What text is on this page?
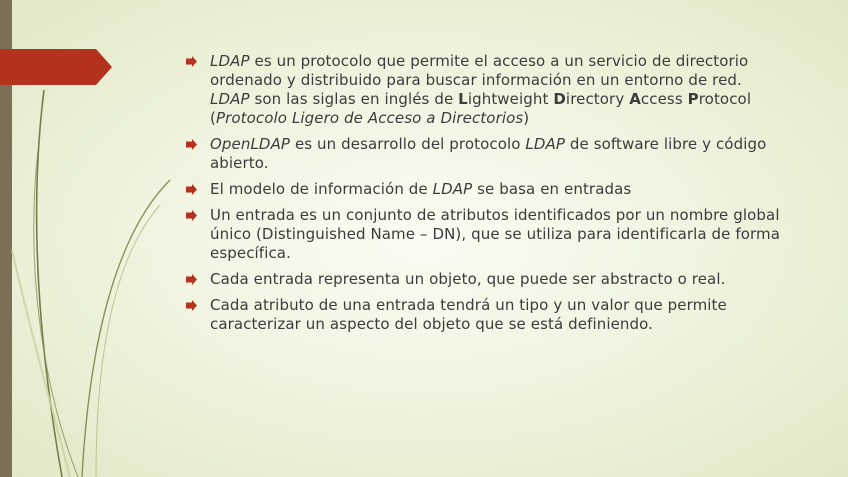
LDAP es un protocolo que permite el acceso a un servicio de directorio ordenado y distribuido para buscar información en un entorno de red.
LDAP son las siglas en inglés de Lightweight Directory Access Protocol (Protocolo Ligero de Acceso a Directorios)
OpenLDAP es un desarrollo del protocolo LDAP de software libre y código abierto.
El modelo de información de LDAP se basa en entradas
Un entrada es un conjunto de atributos identificados por un nombre global único (Distinguished Name – DN), que se utiliza para identificarla de forma específica.
Cada entrada representa un objeto, que puede ser abstracto o real.
Cada atributo de una entrada tendrá un tipo y un valor que permite caracterizar un aspecto del objeto que se está definiendo.
